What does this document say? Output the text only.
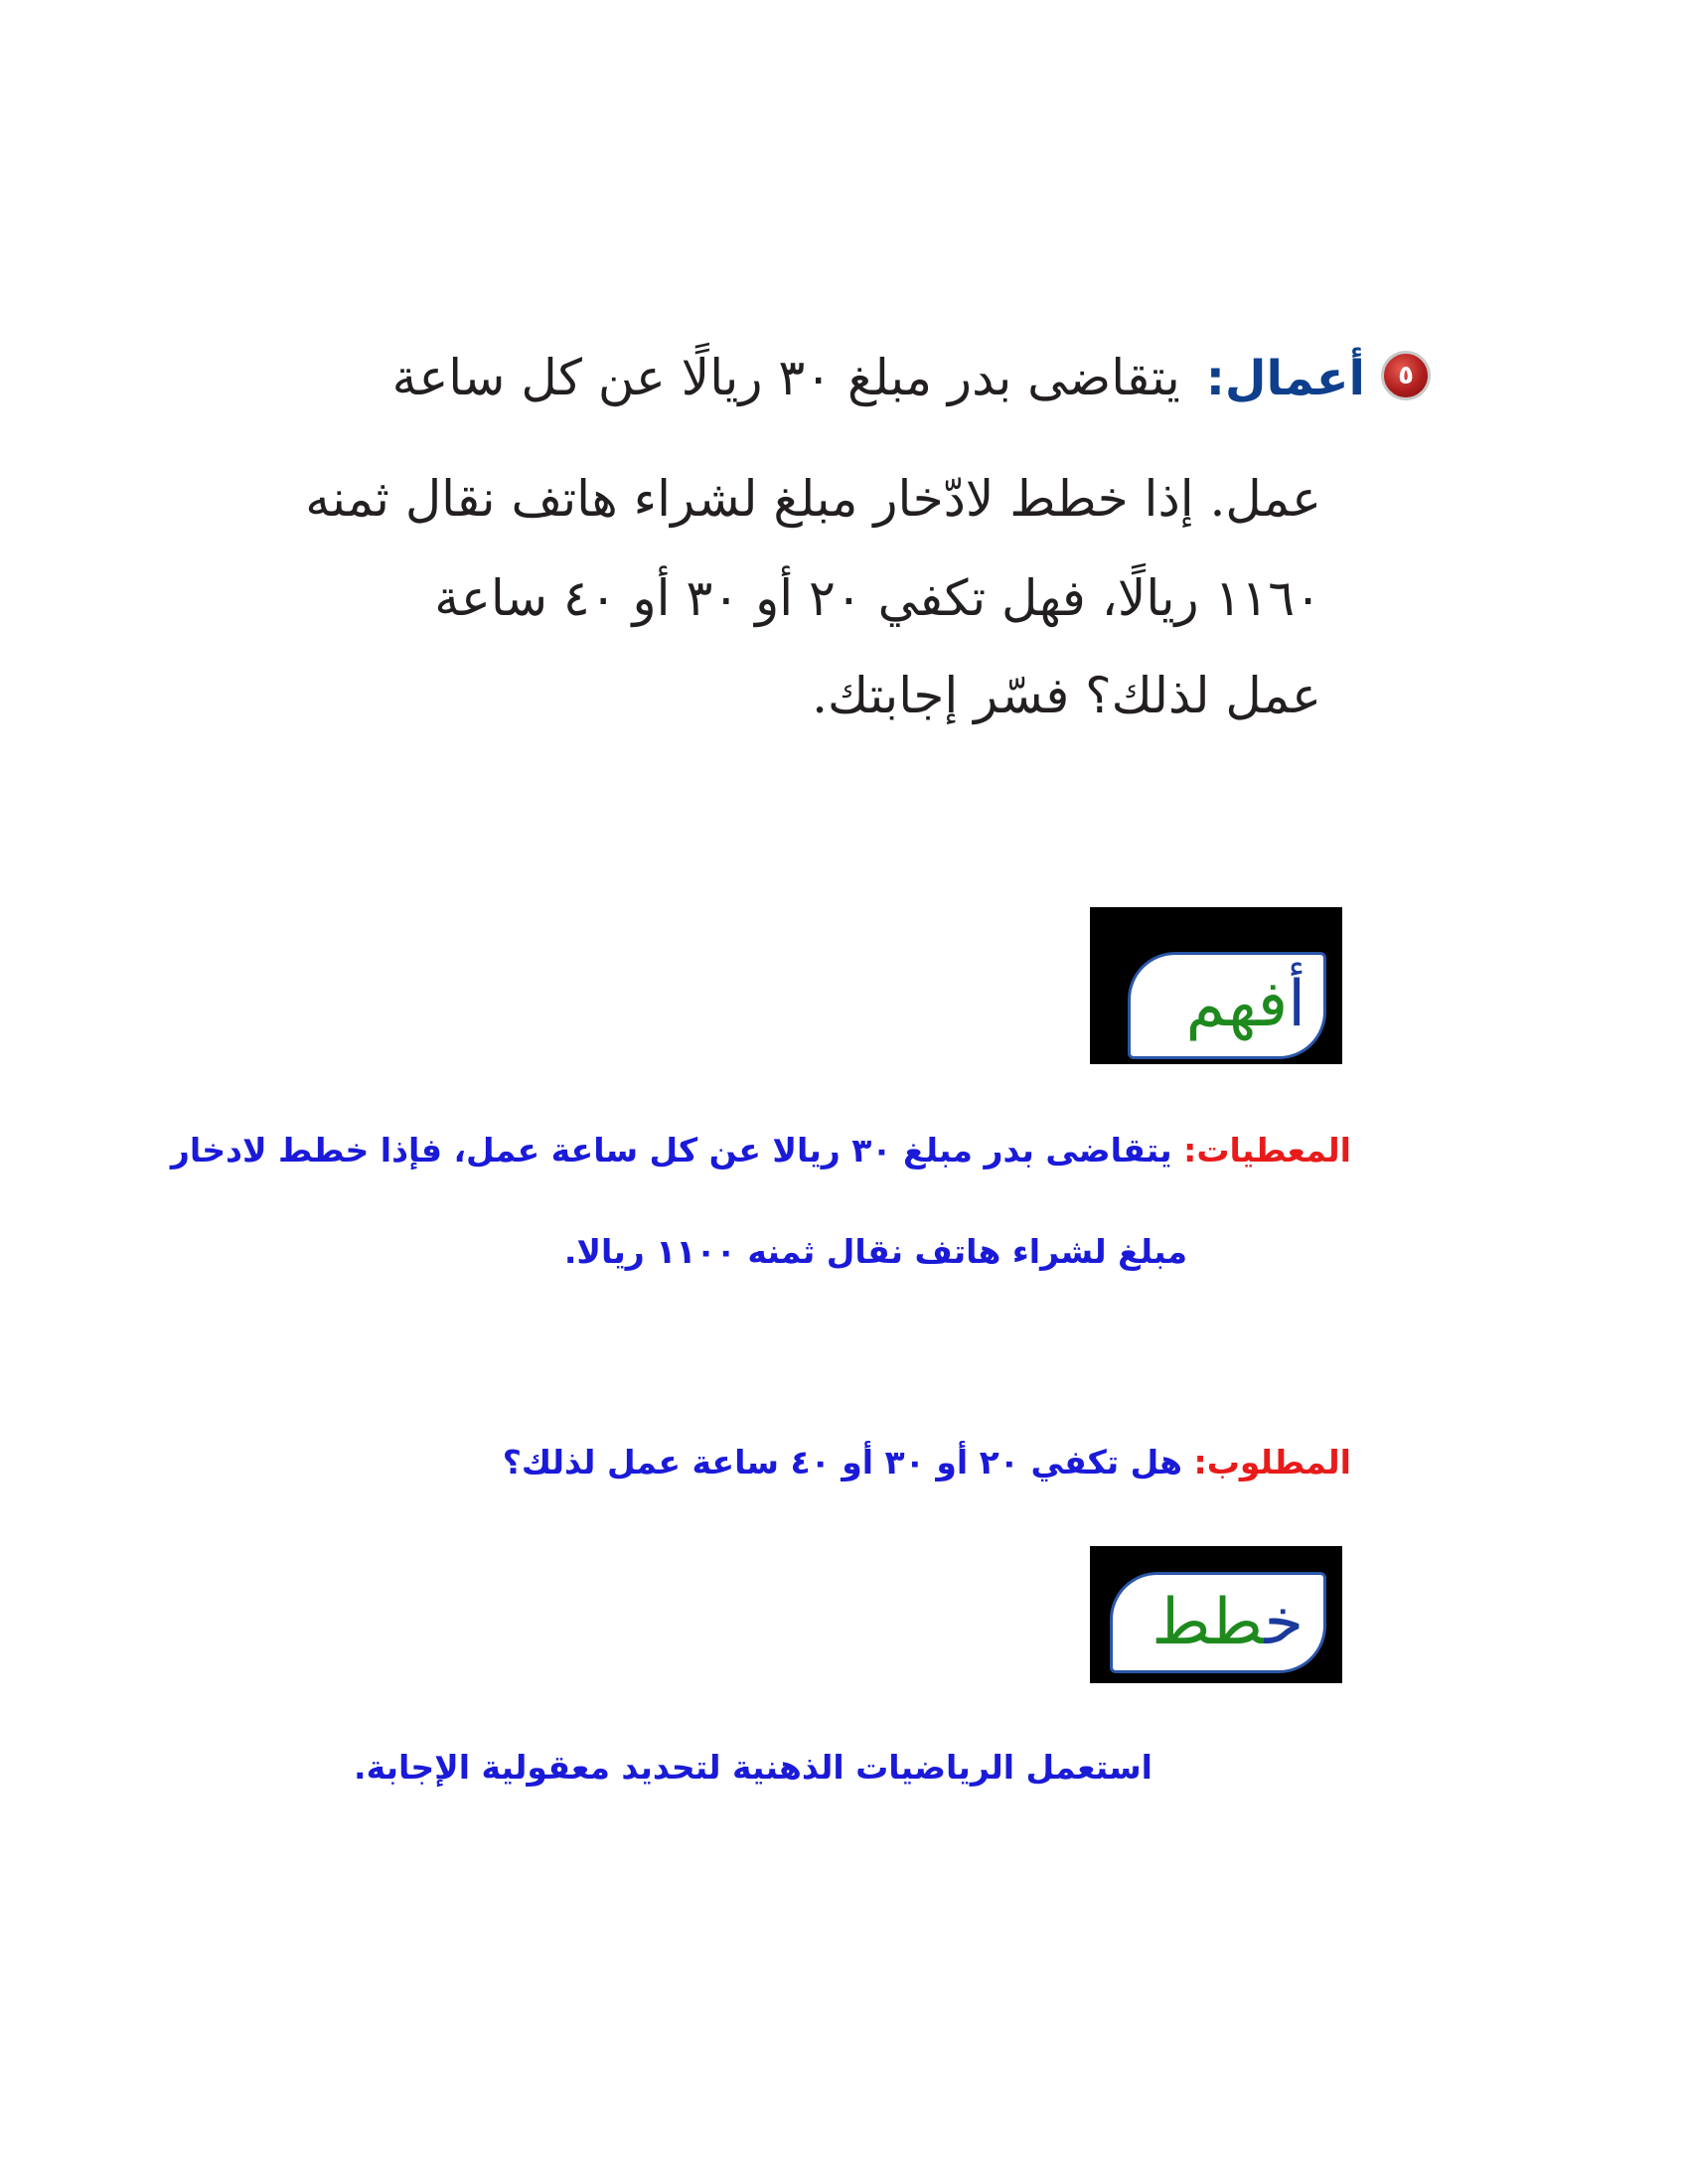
٥أعمال: يتقاضى بدر مبلغ ٣٠ ريالًا عن كل ساعة
عمل. إذا خطط لادّخار مبلغ لشراء هاتف نقال ثمنه
١١٦٠ ريالًا، فهل تكفي ٢٠ أو ٣٠ أو ٤٠ ساعة
عمل لذلك؟ فسّر إجابتك.
أفهم
المعطيات: يتقاضى بدر مبلغ ٣٠ ريالا عن كل ساعة عمل، فإذا خطط لادخار
مبلغ لشراء هاتف نقال ثمنه ١١٠٠ ريالا.
المطلوب: هل تكفي ٢٠ أو ٣٠ أو ٤٠ ساعة عمل لذلك؟
خطط
استعمل الرياضيات الذهنية لتحديد معقولية الإجابة.
